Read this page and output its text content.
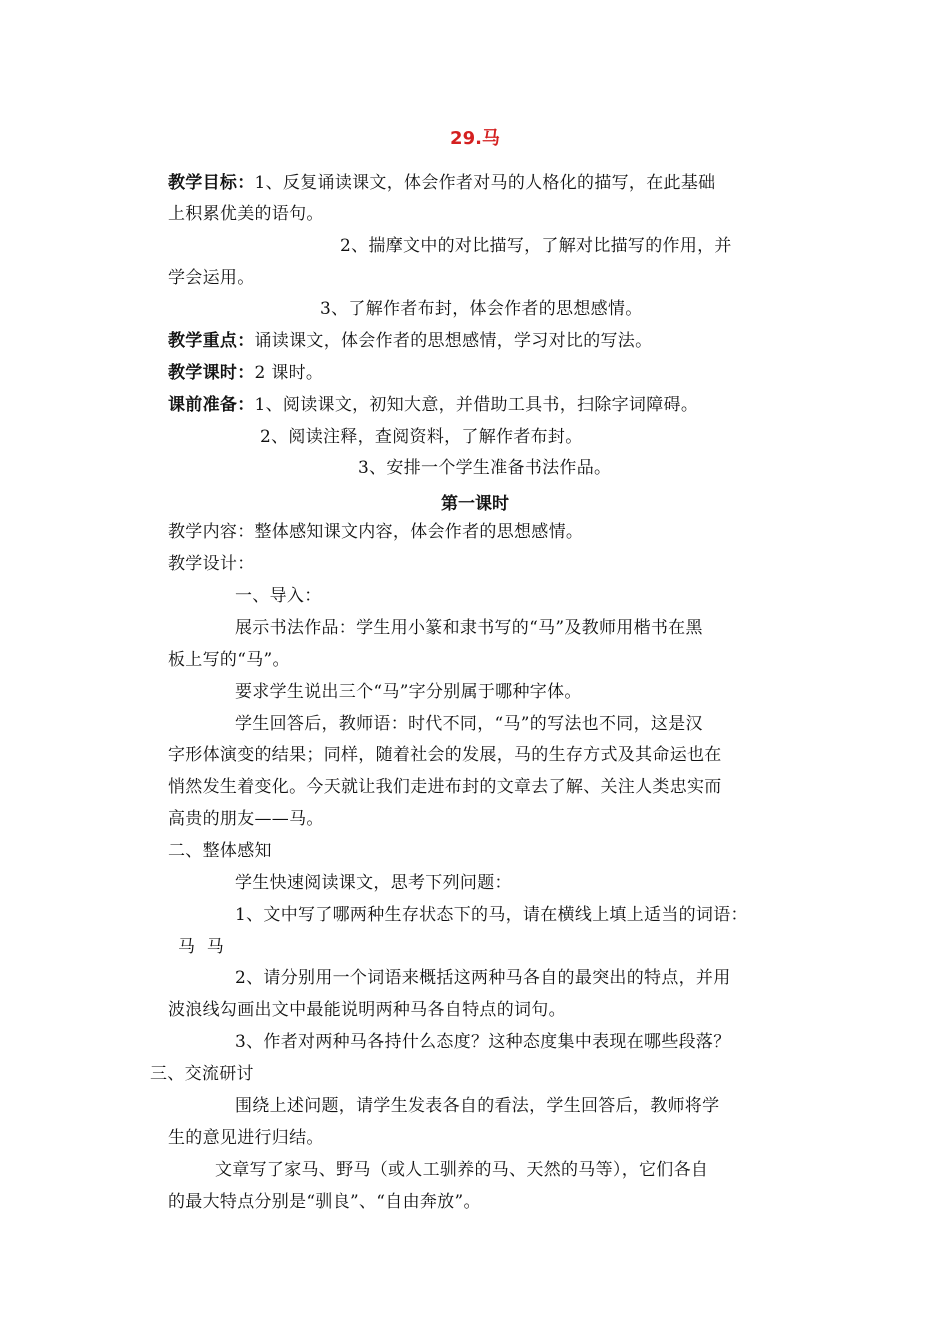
29.马
教学目标：1、反复诵读课文，体会作者对马的人格化的描写，在此基础
上积累优美的语句。
2、揣摩文中的对比描写，了解对比描写的作用，并
学会运用。
3、了解作者布封，体会作者的思想感情。
教学重点：诵读课文，体会作者的思想感情，学习对比的写法。
教学课时：2 课时。
课前准备：1、阅读课文，初知大意，并借助工具书，扫除字词障碍。
2、阅读注释，查阅资料，了解作者布封。
3、安排一个学生准备书法作品。
第一课时
教学内容：整体感知课文内容，体会作者的思想感情。
教学设计：
一、导入：
展示书法作品：学生用小篆和隶书写的“马”及教师用楷书在黑
板上写的“马”。
要求学生说出三个“马”字分别属于哪种字体。
学生回答后，教师语：时代不同，“马”的写法也不同，这是汉
字形体演变的结果；同样，随着社会的发展，马的生存方式及其命运也在
悄然发生着变化。今天就让我们走进布封的文章去了解、关注人类忠实而
高贵的朋友——马。
二、整体感知
学生快速阅读课文，思考下列问题：
1、文中写了哪两种生存状态下的马，请在横线上填上适当的词语：
马  马
2、请分别用一个词语来概括这两种马各自的最突出的特点，并用
波浪线勾画出文中最能说明两种马各自特点的词句。
3、作者对两种马各持什么态度？这种态度集中表现在哪些段落？
三、交流研讨
围绕上述问题，请学生发表各自的看法，学生回答后，教师将学
生的意见进行归结。
文章写了家马、野马（或人工驯养的马、天然的马等），它们各自
的最大特点分别是“驯良”、“自由奔放”。
